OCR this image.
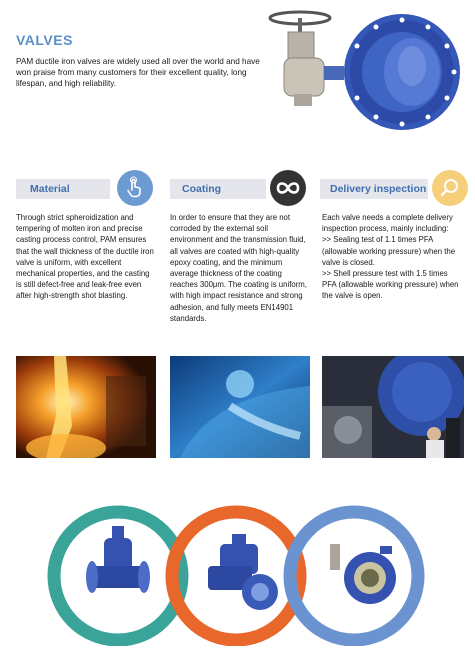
VALVES
PAM ductile iron valves are widely used all over the world and have won praise from many customers for their excellent quality, long lifespan, and high reliability.
Material	Coating	Delivery inspection
Through strict spheroidization and tempering of molten iron and precise casting process control, PAM ensures that the wall thickness of the ductile iron valve is uniform, with excellent mechanical properties, and the casting is still defect-free and leak-free even after high-strength shot blasting.
In order to ensure that they are not corroded by the external soil environment and the transmission fluid, all valves are coated with high-quality epoxy coating, and the minimum average thickness of the coating reaches 300μm. The coating is uniform, with high impact resistance and strong adhesion, and fully meets EN14901 standards.
Each valve needs a complete delivery inspection process, mainly including:
>> Sealing test of 1.1 times PFA (allowable working pressure) when the valve is closed.
>> Shell pressure test with 1.5 times PFA (allowable working pressure) when the valve is open.
